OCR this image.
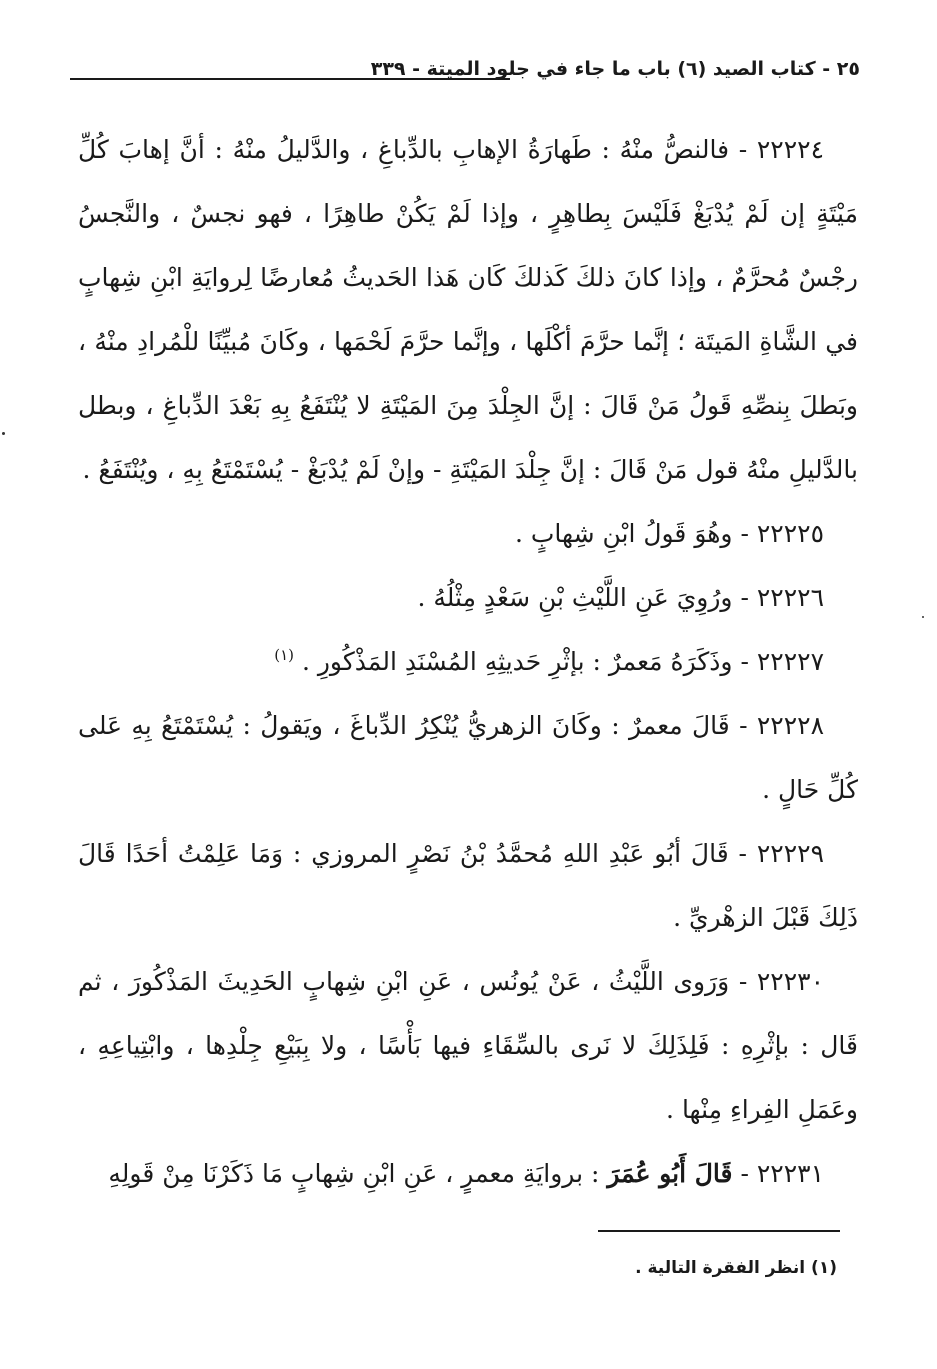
٢٥ - كتاب الصيد (٦) باب ما جاء في جلود الميتة - ٣٣٩

٢٢٢٢٤ - فالنصُّ منْهُ : طَهارَةُ الإهابِ بالدِّباغِ ، والدَّليلُ منْهُ : أنَّ إهابَ كُلِّ مَيْتَةٍ إن لَمْ يُدْبَغْ فَلَيْسَ بِطاهِرٍ ، وإذا لَمْ يَكُنْ طاهِرًا ، فهو نجسٌ ، والنَّجسُ رجْسٌ مُحرَّمٌ ، وإذا كانَ ذلكَ كَذلكَ كَان هَذا الحَديثُ مُعارضًا لِروايَةِ ابْنِ شِهابٍ في الشَّاةِ المَيتَة ؛ إنَّما حرَّمَ أكْلَها ، وإنَّما حرَّمَ لَحْمَها ، وكَانَ مُبيِّنًا للْمُرادِ منْهُ ، وبَطلَ بِنصِّهِ قَولُ مَنْ قَالَ : إنَّ الجِلْدَ مِنَ المَيْتَةِ لا يُنْتَفَعُ بِهِ بَعْدَ الدِّباغِ ، وبطل بالدَّليلِ منْهُ قول مَنْ قَالَ : إنَّ جِلْدَ المَيْتَةِ - وإنْ لَمْ يُدْبَغْ - يُسْتَمْتَعُ بِهِ ، ويُنْتَفَعُ .

٢٢٢٢٥ - وهُوَ قَولُ ابْنِ شِهابٍ .

٢٢٢٢٦ - ورُوِيَ عَنِ اللَّيْثِ بْنِ سَعْدٍ مِثْلُهُ .

٢٢٢٢٧ - وذَكَرَهُ مَعمرٌ : بإثْرِ حَديثِهِ المُسْنَدِ المَذْكُورِ . $^{(١)}$

٢٢٢٢٨ - قَالَ معمرٌ : وكَانَ الزهريُّ يُنْكِرُ الدِّباغَ ، ويَقولُ : يُسْتَمْتَعُ بِهِ عَلى كُلِّ حَالٍ .

٢٢٢٢٩ - قَالَ أبُو عَبْدِ اللهِ مُحمَّدُ بْنُ نَصْرٍ المروزي : وَمَا عَلِمْتُ أحَدًا قَالَ ذَلِكَ قَبْلَ الزهْريِّ .

٢٢٢٣٠ - وَرَوى اللَّيْثُ ، عَنْ يُونُس ، عَنِ ابْنِ شِهابٍ الحَدِيثَ المَذْكُورَ ، ثم قَال : بإثْرِهِ : فَلِذَلِكَ لا نَرى بالسِّقَاءِ فيها بَأْسًا ، ولا بِبَيْعِ جِلْدِها ، وابْتِياعِهِ ، وعَمَلِ الفِراءِ مِنْها .

٢٢٢٣١ - قَالَ أَبُو عُمَرَ : بروايَةِ معمرٍ ، عَنِ ابْنِ شِهابٍ مَا ذَكَرْنَا مِنْ قَولِهِ

(١) انظر الفقرة التالية .
